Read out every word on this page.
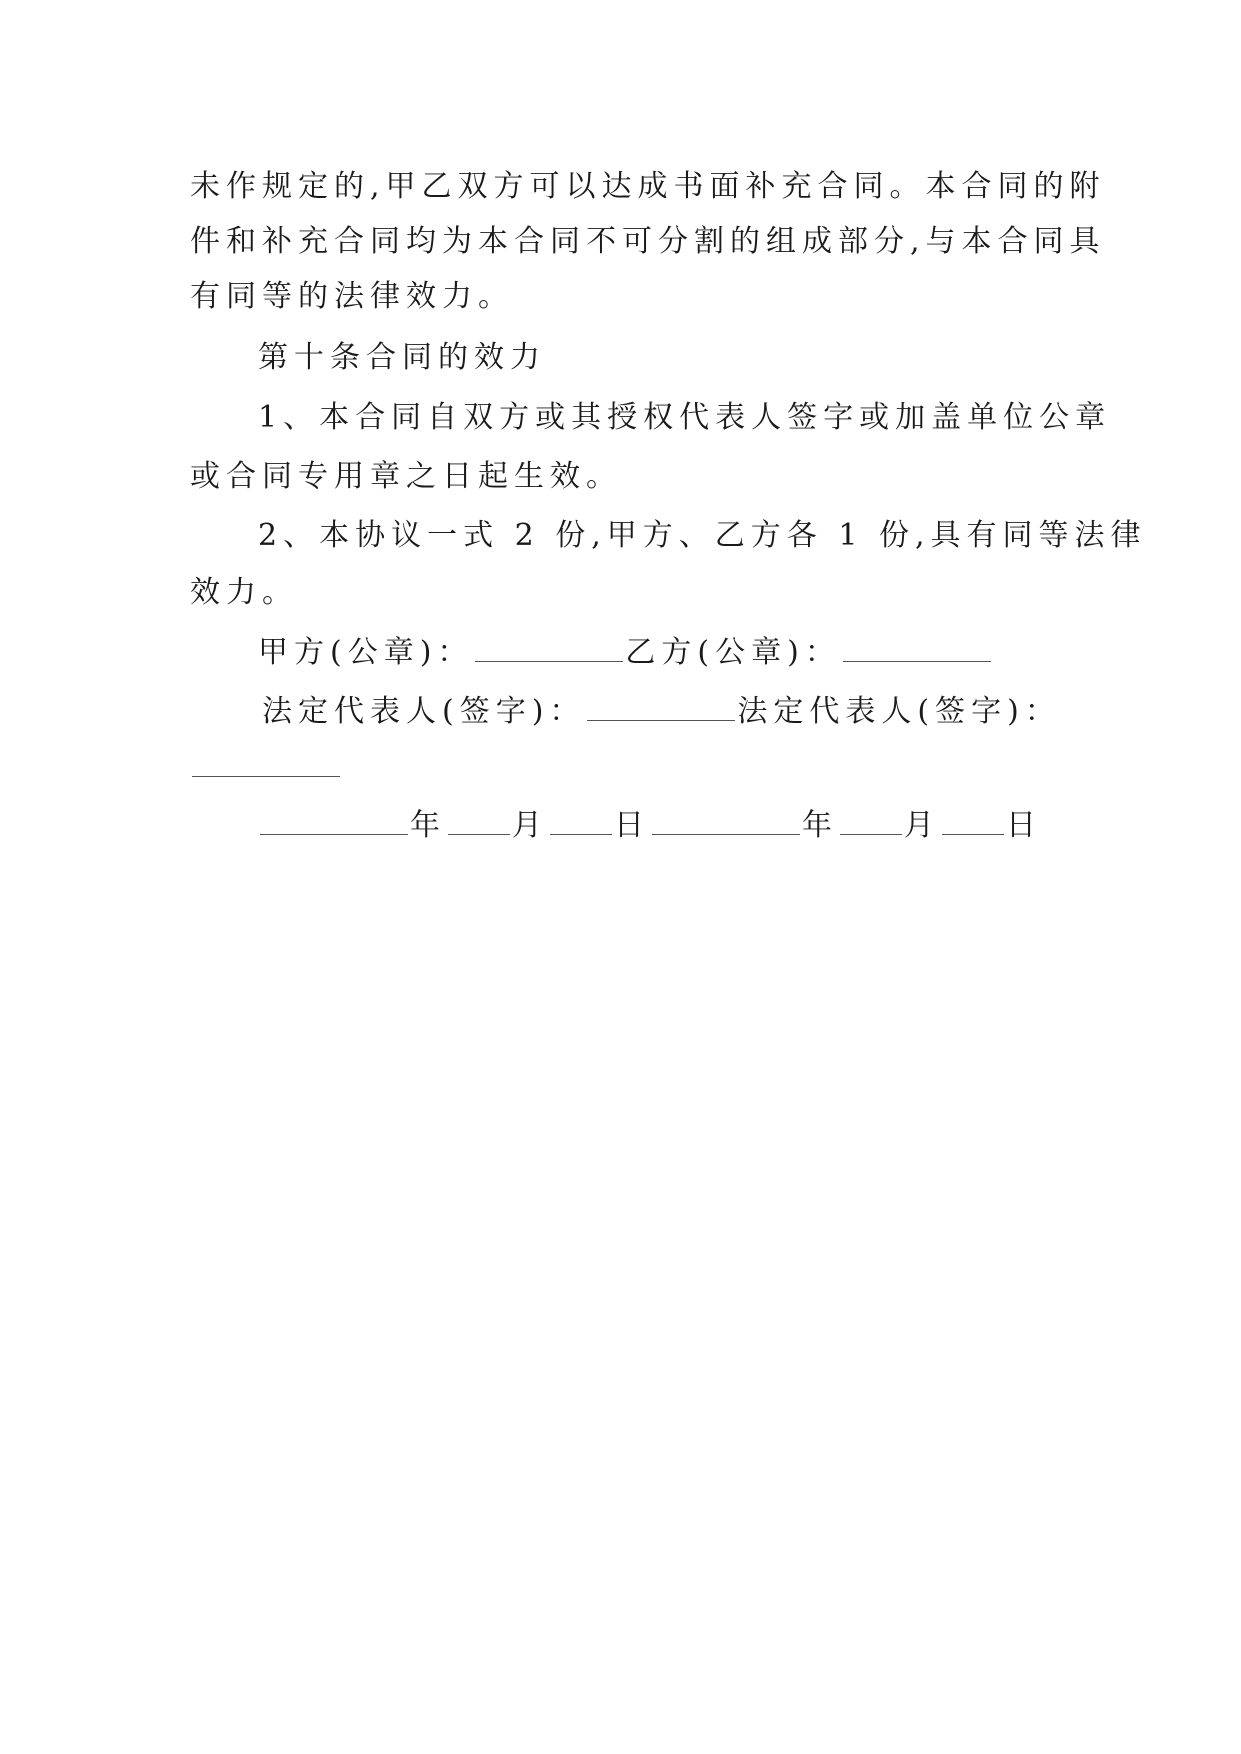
未作规定的,甲乙双方可以达成书面补充合同。本合同的附
件和补充合同均为本合同不可分割的组成部分,与本合同具
有同等的法律效力。
第十条合同的效力
1、本合同自双方或其授权代表人签字或加盖单位公章
或合同专用章之日起生效。
2、本协议一式 2 份,甲方、乙方各 1 份,具有同等法律
效力。
甲方(公章)：	乙方(公章)：
法定代表人(签字)：	法定代表人(签字)：
年 月 日	年 月 日
